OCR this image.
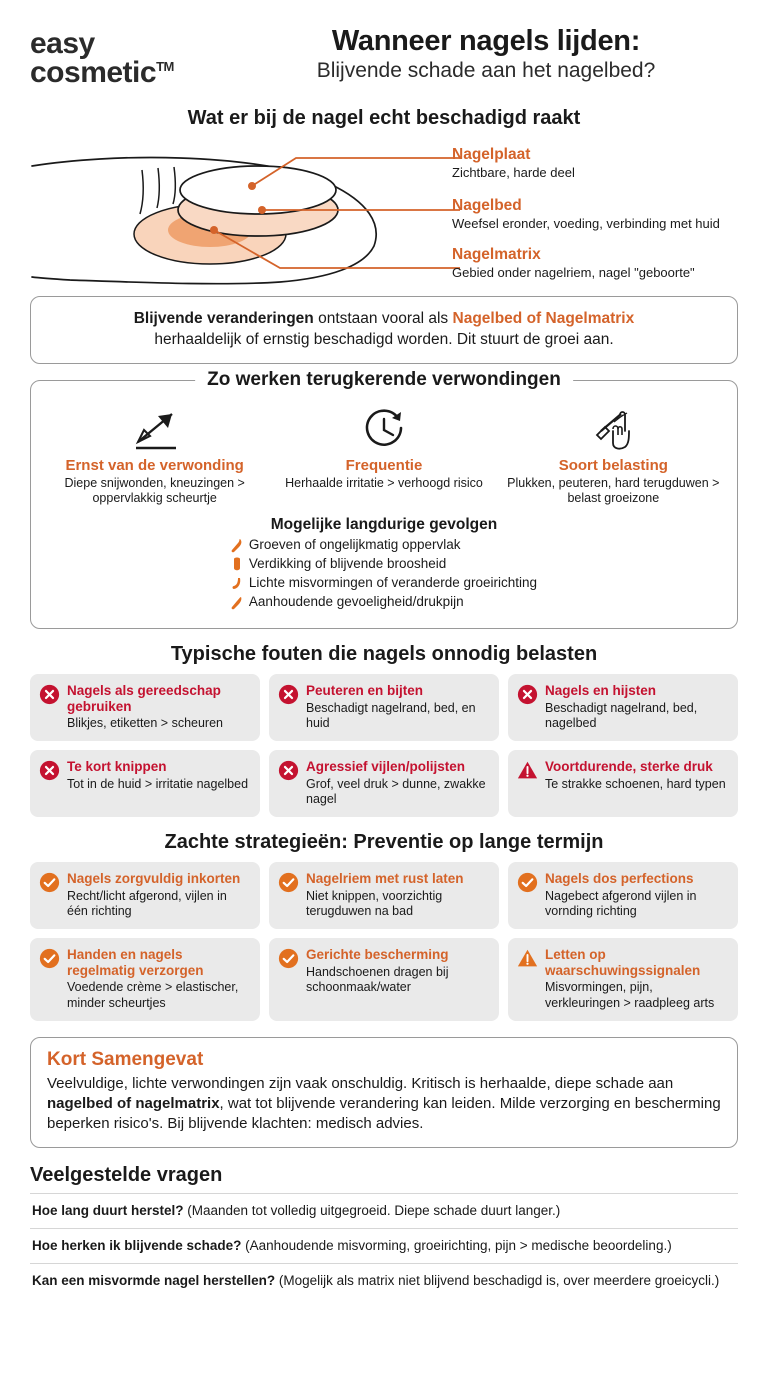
easy
cosmetic™
Wanneer nagels lijden:
Blijvende schade aan het nagelbed?
Wat er bij de nagel echt beschadigd raakt
Nagelplaat
Zichtbare, harde deel
Nagelbed
Weefsel eronder, voeding, verbinding met huid
Nagelmatrix
Gebied onder nagelriem, nagel "geboorte"

Blijvende veranderingen ontstaan vooral als Nagelbed of Nagelmatrix
herhaaldelijk of ernstig beschadigd worden. Dit stuurt de groei aan.

Zo werken terugkerende verwondingen
Ernst van de verwonding
Diepe snijwonden, kneuzingen > oppervlakkig scheurtje
Frequentie
Herhaalde irritatie > verhoogd risico
Soort belasting
Plukken, peuteren, hard terugduwen > belast groeizone
Mogelijke langdurige gevolgen
Groeven of ongelijkmatig oppervlak
Verdikking of blijvende broosheid
Lichte misvormingen of veranderde groeirichting
Aanhoudende gevoeligheid/drukpijn
Typische fouten die nagels onnodig belasten
Nagels als gereedschap gebruiken
Blikjes, etiketten > scheuren
Peuteren en bijten
Beschadigt nagelrand, bed, en huid
Nagels en hijsten
Beschadigt nagelrand, bed, nagelbed
Te kort knippen
Tot in de huid > irritatie nagelbed
Agressief vijlen/polijsten
Grof, veel druk > dunne, zwakke nagel
Voortdurende, sterke druk
Te strakke schoenen, hard typen
Zachte strategieën: Preventie op lange termijn
Nagels zorgvuldig inkorten
Recht/licht afgerond, vijlen in één richting
Nagelriem met rust laten
Niet knippen, voorzichtig terugduwen na bad
Nagels dos perfections
Nagebect afgerond vijlen in vornding richting
Handen en nagels regelmatig verzorgen
Voedende crème > elastischer, minder scheurtjes
Gerichte bescherming
Handschoenen dragen bij schoonmaak/water
Letten op waarschuwingssignalen
Misvormingen, pijn, verkleuringen > raadpleeg arts
Kort Samengevat

Veelvuldige, lichte verwondingen zijn vaak onschuldig. Kritisch is herhaalde, diepe schade aan nagelbed of nagelmatrix, wat tot blijvende verandering kan leiden. Milde verzorging en bescherming beperken risico's. Bij blijvende klachten: medisch advies.

Veelgestelde vragen
Hoe lang duurt herstel? (Maanden tot volledig uitgegroeid. Diepe schade duurt langer.)
Hoe herken ik blijvende schade? (Aanhoudende misvorming, groeirichting, pijn > medische beoordeling.)
Kan een misvormde nagel herstellen? (Mogelijk als matrix niet blijvend beschadigd is, over meerdere groeicycli.)
